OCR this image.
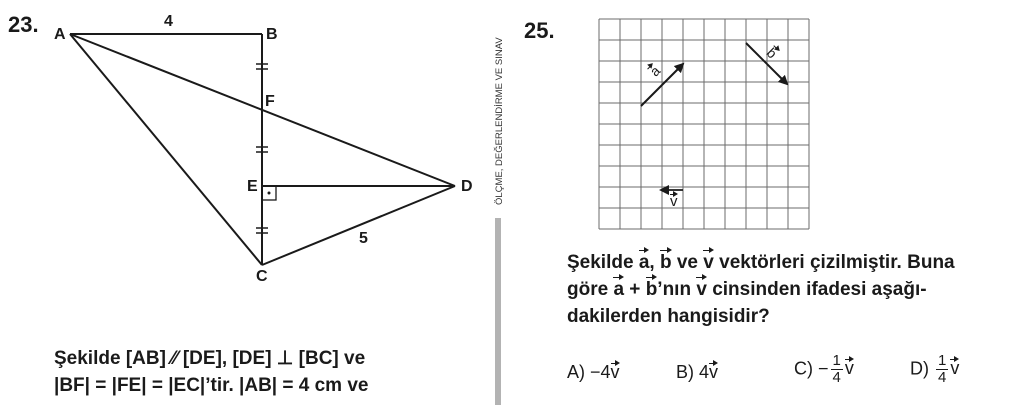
23. A	B
F
E	D
C
4
5
Şekilde [AB] ⁄⁄ [DE], [DE] ⊥ [BC] ve
|BF| = |FE| = |EC|’tir. |AB| = 4 cm ve
ÖLÇME, DEĞERLENDİRME VE SINAV
25.
a
b
v
Şekilde a, b ve v vektörleri çizilmiştir. Buna
göre a + b’nın v cinsinden ifadesi aşağı-
dakilerden hangisidir?
A) −4v	B) 4v	$C) - \frac{1}{4}$ v	$D) \frac{1}{4}$ v
